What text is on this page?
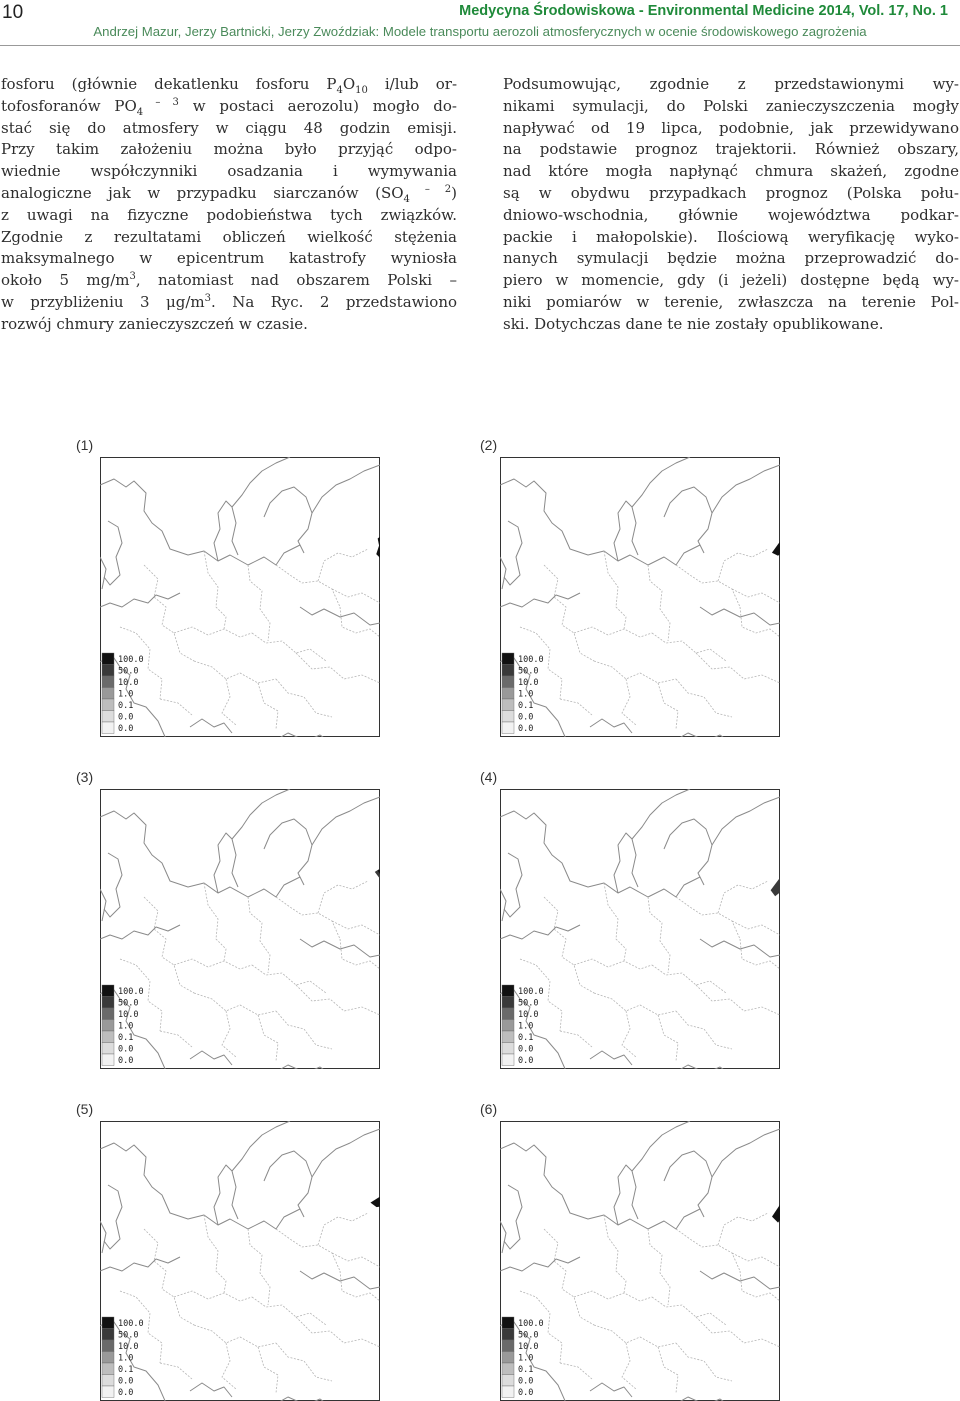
10	Medycyna Środowiskowa - Environmental Medicine 2014, Vol. 17, No. 1
Andrzej Mazur, Jerzy Bartnicki, Jerzy Zwoździak: Modele transportu aerozoli atmosferycznych w ocenie środowiskowego zagrożenia
fosforu (głównie dekatlenku fosforu $P_4O_{10}$ i/lub or-
tofosforanów $PO_4$ $^{- 3}$ w postaci aerozolu) mogło do-
stać się do atmosfery w ciągu 48 godzin emisji.
Przy takim założeniu można było przyjąć odpo-
wiednie współczynniki osadzania i wymywania
analogiczne jak w przypadku siarczanów ($SO_4$ $^{- 2}$)
z uwagi na fizyczne podobieństwa tych związków.
Zgodnie z rezultatami obliczeń wielkość stężenia
maksymalnego w epicentrum katastrofy wyniosła
około 5 $mg/m^3$, natomiast nad obszarem Polski –
w przybliżeniu 3 $\mu g/m^3$. Na Ryc. 2 przedstawiono
rozwój chmury zanieczyszczeń w czasie.
Podsumowując, zgodnie z przedstawionymi wy-
nikami symulacji, do Polski zanieczyszczenia mogły
napływać od 19 lipca, podobnie, jak przewidywano
na podstawie prognoz trajektorii. Również obszary,
nad które mogła napłynąć chmura skażeń, zgodne
są w obydwu przypadkach prognoz (Polska połu-
dniowo-wschodnia, głównie województwa podkar-
packie i małopolskie). Ilościową weryfikację wyko-
nanych symulacji będzie można przeprowadzić do-
piero w momencie, gdy (i jeżeli) dostępne będą wy-
niki pomiarów w terenie, zwłaszcza na terenie Pol-
ski. Dotychczas dane te nie zostały opublikowane.
(1)
100.0
50.0
10.0
1.0
0.1
0.0
0.0
(2)
100.0
50.0
10.0
1.0
0.1
0.0
0.0
(3)
100.0
50.0
10.0
1.0
0.1
0.0
0.0
(4)
100.0
50.0
10.0
1.0
0.1
0.0
0.0
(5)
100.0
50.0
10.0
1.0
0.1
0.0
0.0
(6)
100.0
50.0
10.0
1.0
0.1
0.0
0.0
